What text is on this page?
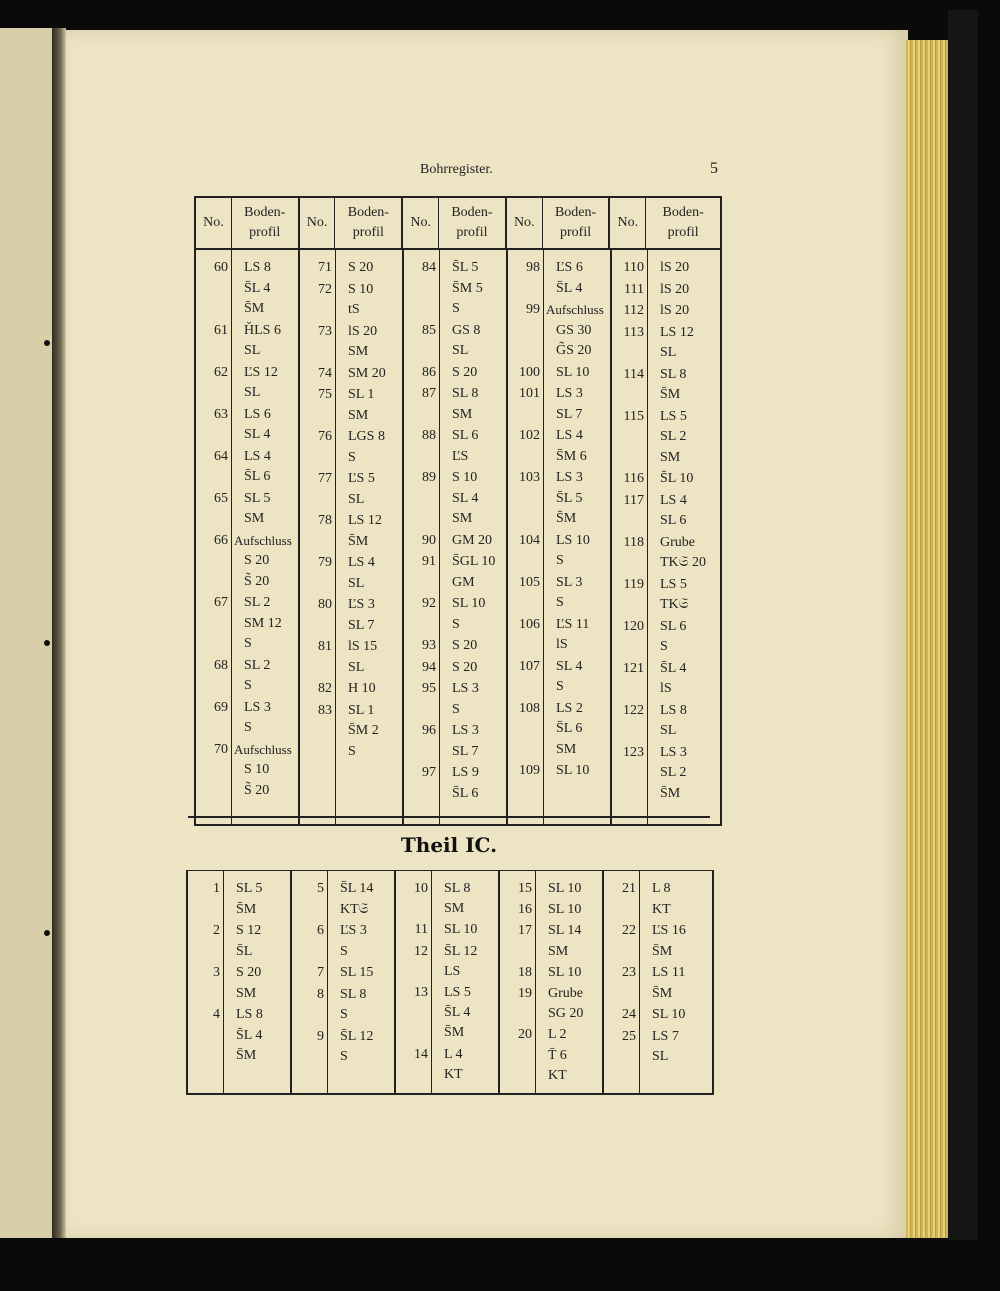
Bohrregister.	5
No.
Boden-
profil
No.
Boden-
profil
No.
Boden-
profil
No.
Boden-
profil
No.
Boden-
profil
60 LS 8
S̄L 4
S̄M
61 ȞLS 6
SL
62 ĽS 12
SL
63 LS 6
SL 4
64 LS 4
S̄L 6
65 SL 5
SM
66 Aufschluss
S 20
S̃ 20
67 SL 2
SM 12
S
68 SL 2
S
69 LS 3
S
70 Aufschluss
S 10
S̃ 20
71 S 20
72 S 10
tS
73 lS 20
SM
74 SM 20
75 SL 1
SM
76 LGS 8
S
77 ĽS 5
SL
78 LS 12
S̄M
79 LS 4
SL
80 ĽS 3
SL 7
81 lS 15
SL
82 H 10
83 SL 1
S̄M 2
S
84 S̄L 5
S̄M 5
S
85 GS 8
SL
86 S 20
87 SL 8
SM
88 SL 6
ĽS
89 S 10
SL 4
SM
90 GM 20
91 S̄GL 10
GM
92 SL 10
S
93 S 20
94 S 20
95 LS 3
S
96 LS 3
SL 7
97 LS 9
S̄L 6
98 ĽS 6
S̄L 4
99 Aufschluss
GS 30
G̃S 20
100 SL 10
101 LS 3
SL 7
102 LS 4
S̄M 6
103 LS 3
S̄L 5
S̄M
104 LS 10
S
105 SL 3
S
106 ĽS 11
lS
107 SL 4
S
108 LS 2
S̄L 6
SM
109 SL 10
110 lS 20
111 lS 20
112 lS 20
113 LS 12
SL
114 SL 8
S̄M
115 LS 5
SL 2
SM
116 S̄L 10
117 LS 4
SL 6
118 Grube
TK𝔖 20
119 LS 5
TK𝔖
120 SL 6
S
121 S̄L 4
lS
122 LS 8
SL
123 LS 3
SL 2
S̄M
Theil IC.
1 SL 5
S̄M
2 S 12
S̄L
3 S 20
SM
4 LS 8
S̄L 4
S̄M
5 S̄L 14
KT𝔖
6 ĽS 3
S
7 SL 15
8 SL 8
S
9 S̄L 12
S
10 SL 8
SM
11 SL 10
12 S̄L 12
LS
13 LS 5
S̄L 4
S̄M
14 L 4
KT
15 SL 10
16 SL 10
17 SL 14
SM
18 SL 10
19 Grube
SG 20
20 L 2
T̄ 6
KT
21 L 8
KT
22 ĽS 16
S̄M
23 LS 11
S̄M
24 SL 10
25 LS 7
SL
